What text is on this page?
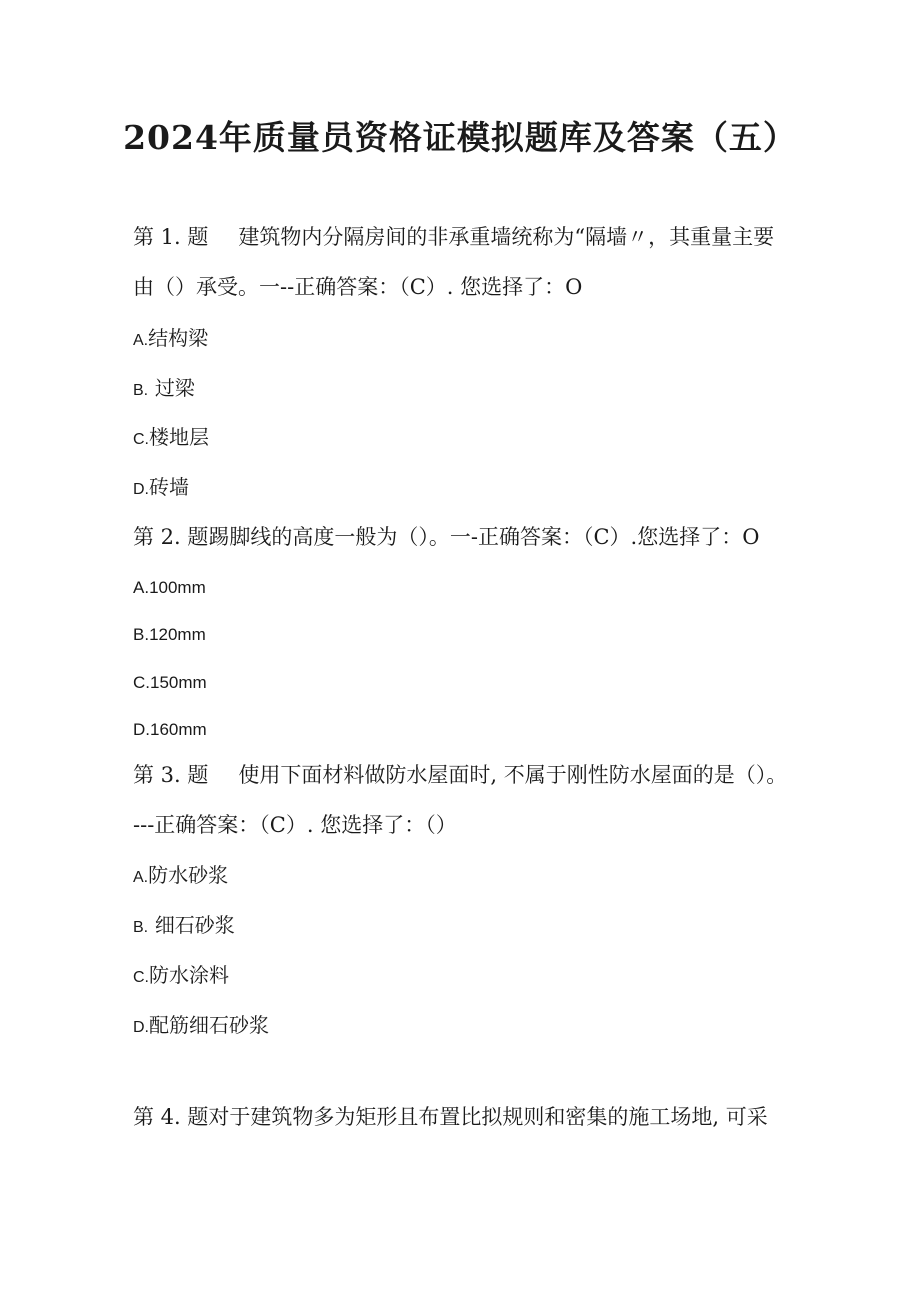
2024年质量员资格证模拟题库及答案（五）
第 1. 题 建筑物内分隔房间的非承重墙统称为“隔墙〃，其重量主要
由（）承受。一--正确答案：（C）. 您选择了：O
A.结构梁
B. 过梁
C.楼地层
D.砖墙
第 2. 题踢脚线的高度一般为（）。一-正确答案：（C）.您选择了：O
A.100mm
B.120mm
C.150mm
D.160mm
第 3. 题 使用下面材料做防水屋面时, 不属于刚性防水屋面的是（）。
---正确答案：（C）. 您选择了：（）
A.防水砂浆
B. 细石砂浆
C.防水涂料
D.配筋细石砂浆
第 4. 题对于建筑物多为矩形且布置比拟规则和密集的施工场地, 可采
